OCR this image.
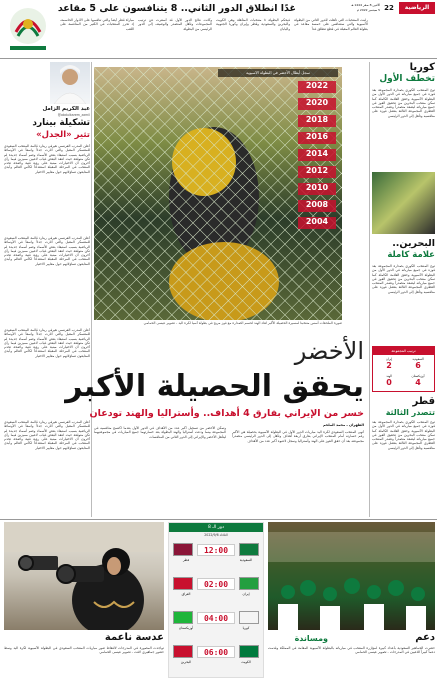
الرياضية
22
الاثنين 8 صفر 1444 هـ
5 سبتمبر 2022 م
غدًا انطلاق الدور الثاني.. 8 يتنافسون على 5 مقاعد
ر‌ا‌ينت المنتخبات التي تأهلت للدور الثاني من البطولة الآسيوية والتي ستتنافس على خمسة مقاعد في بطولة العالم المقبلة في قطع تنطلق غداً
فيحكم البطولة ٨ منتخبات المتأهلة وهي الكويت والبحرين والسعودية وقطر وإيران وكوريا الجنوبية واليابان
وكانت نتائج الدور الأول قد أسفرت عن ترتيب المجموعات وتأهل المتصدر والوصيف إلى الدور الرئيسي من البطولة
مباراة قطر أيضاً والتي تنافسها على الأدوار الحاسمة، إذ تحرز المنتخبات في الكثير من المنافسة على اللقب
كوريا
تخطف الأول
توج المنتخب الكوري بصدارة المجموعة بعد فوزه في جميع مبارياته في الدور الأول من البطولة الآسيوية وحقق العلامة الكاملة كما تمكن منتخب البحرين من تحقيق الفوز في جميع مبارياته ليصعد متصدراً وتصدر المنتخب القطري المجموعة الثالثة بفضل فوزه على منافسيه وتأهل إلى الدور الرئيسي
البحرين..
علامة كاملة
توج المنتخب الكوري بصدارة المجموعة بعد فوزه في جميع مبارياته في الدور الأول من البطولة الآسيوية وحقق العلامة الكاملة كما تمكن منتخب البحرين من تحقيق الفوز في جميع مبارياته ليصعد متصدراً وتصدر المنتخب القطري المجموعة الثالثة بفضل فوزه على منافسيه وتأهل إلى الدور الرئيسي
ترتيب المجموعة
السعودية
6
إيران
2
أوزبكستان
4
الهند
0
قطر
تتصدر الثالثة
توج المنتخب الكوري بصدارة المجموعة بعد فوزه في جميع مبارياته في الدور الأول من البطولة الآسيوية وحقق العلامة الكاملة كما تمكن منتخب البحرين من تحقيق الفوز في جميع مبارياته ليصعد متصدراً وتصدر المنتخب القطري المجموعة الثالثة بفضل فوزه على منافسيه وتأهل إلى الدور الرئيسي
عبد الكريم الزامل
@abdulkarem_zamil
تشكيلة بينارد
تثير «الجدل»
أعلن المدرب الفرنسي هيرفي رينارد قائمة المنتخب السعودي للمعسكر المقبل والتي أثارت جدلاً واسعاً في الأوساط الرياضية بسبب استبعاد بعض الأسماء وضم أسماء جديدة لم تكن متوقعة حيث انتقد البعض غياب لاعبين مميزين فيما رأى آخرون أن الاختيارات مبنية على رؤية فنية واضحة تخدم المنتخب في المرحلة المقبلة استعداداً لكأس العالم وأبدى المتابعون تساؤلاتهم حول معايير الاختيار
أعلن المدرب الفرنسي هيرفي رينارد قائمة المنتخب السعودي للمعسكر المقبل والتي أثارت جدلاً واسعاً في الأوساط الرياضية بسبب استبعاد بعض الأسماء وضم أسماء جديدة لم تكن متوقعة حيث انتقد البعض غياب لاعبين مميزين فيما رأى آخرون أن الاختيارات مبنية على رؤية فنية واضحة تخدم المنتخب في المرحلة المقبلة استعداداً لكأس العالم وأبدى المتابعون تساؤلاتهم حول معايير الاختيار
أعلن المدرب الفرنسي هيرفي رينارد قائمة المنتخب السعودي للمعسكر المقبل والتي أثارت جدلاً واسعاً في الأوساط الرياضية بسبب استبعاد بعض الأسماء وضم أسماء جديدة لم تكن متوقعة حيث انتقد البعض غياب لاعبين مميزين فيما رأى آخرون أن الاختيارات مبنية على رؤية فنية واضحة تخدم المنتخب في المرحلة المقبلة استعداداً لكأس العالم وأبدى المتابعون تساؤلاتهم حول معايير الاختيار
أعلن المدرب الفرنسي هيرفي رينارد قائمة المنتخب السعودي للمعسكر المقبل والتي أثارت جدلاً واسعاً في الأوساط الرياضية بسبب استبعاد بعض الأسماء وضم أسماء جديدة لم تكن متوقعة حيث انتقد البعض غياب لاعبين مميزين فيما رأى آخرون أن الاختيارات مبنية على رؤية فنية واضحة تخدم المنتخب في المرحلة المقبلة استعداداً لكأس العالم وأبدى المتابعون تساؤلاتهم حول معايير الاختيار
سجل أبطال الأخضر في البطولة الآسيوية
2022
2020
2018
2016
2014
2012
2010
2008
2004
صورة الملحقات أسس منتخبنا لمسيرة الحصيلة الأكبر لقاء الهند لحسم الصدارة مع فوز مريح في بطولة آسيا لكرة اليد - تصوير عيسى الحمامي
الأخضر
يحقق الحصيلة الأكبر
خسر من الإيراني بفارق 4 أهداف.. وأستراليا والهند تودعان
الظهران ـ محمد الملحم
أنهى المنتخب السعودي لكرة اليد مباريات الدور الأول في البطولة الآسيوية بحصيلة هي الأكبر رغم خسارته أمام المنتخب الإيراني بفارق أربعة أهداف وتأهل إلى الدور الرئيسي متصدراً مجموعته بعد أن حقق الفوز على الهند وأستراليا وسجل لاعبوه أكبر عدد من الأهداف
وتمكن الأخضر من تسجيل أكبر عدد من الأهداف في الدور الأول بعدما اكتسح منافسيه في المجموعة بينما ودعت أستراليا والهند البطولة بعد خسارتهما جميع المباريات في مجموعتيهما ليتأهل الأخضر والإيراني إلى الدور الثاني من المنافسات
دعم
ومساندة
حضرت الجماهير السعودية بأعداد كبيرة لمؤازرة المنتخب في مبارياته بالبطولة الآسيوية المقامة في المملكة وقدمت دعماً كبيراً للاعبين في المدرجات - تصوير عيسى الحمامي
دور الـ 8
الثلاثاء 2022/9/6
12:00
السعودية
قطر
02:00
إيران
العراق
04:00
كوريا
أوزبكستان
06:00
الكويت
البحرين
عدسة ناعمة
تواجدت المصورة في المدرجات لالتقاط صور مباريات المنتخب السعودي في البطولة الآسيوية لكرة اليد وسط حضور جماهيري لافت - تصوير عيسى الحمامي
